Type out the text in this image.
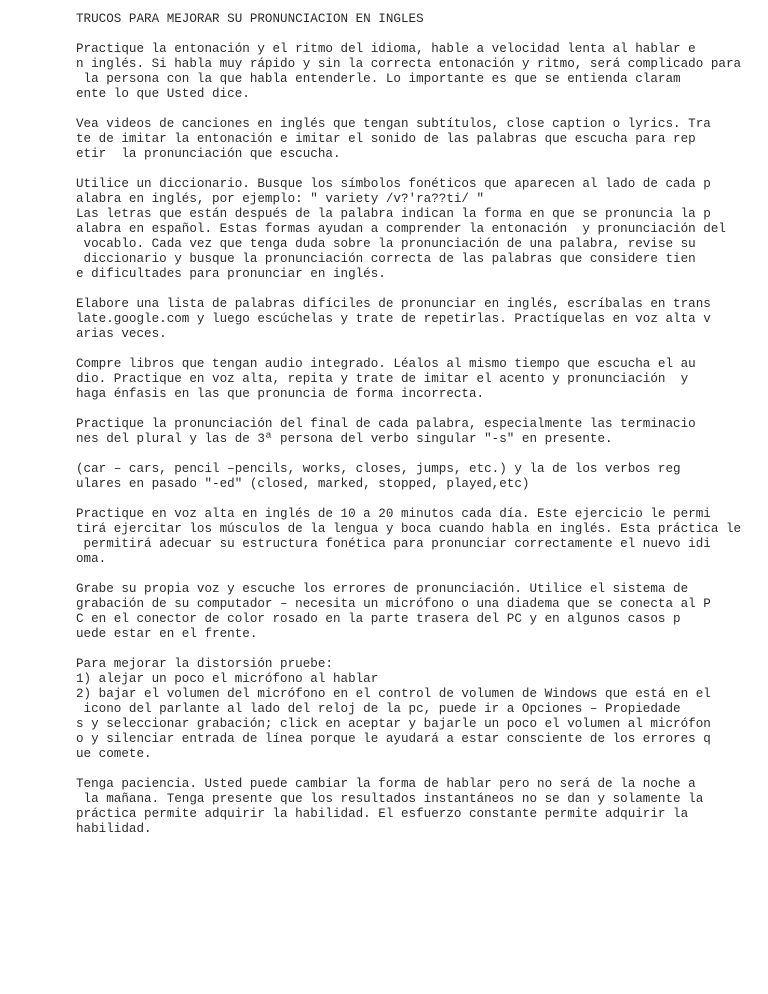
TRUCOS PARA MEJORAR SU PRONUNCIACION EN INGLES
Practique la entonación y el ritmo del idioma, hable a velocidad lenta al hablar e
n inglés. Si habla muy rápido y sin la correcta entonación y ritmo, será complicado para
la persona con la que habla entenderle. Lo importante es que se entienda claram
ente lo que Usted dice.
Vea videos de canciones en inglés que tengan subtítulos, close caption o lyrics. Tra
te de imitar la entonación e imitar el sonido de las palabras que escucha para rep
etir  la pronunciación que escucha.
Utilice un diccionario. Busque los símbolos fonéticos que aparecen al lado de cada p
alabra en inglés, por ejemplo: " variety /v?'ra??ti/ "
Las letras que están después de la palabra indican la forma en que se pronuncia la p
alabra en español. Estas formas ayudan a comprender la entonación  y pronunciación del
vocablo. Cada vez que tenga duda sobre la pronunciación de una palabra, revise su
diccionario y busque la pronunciación correcta de las palabras que considere tien
e dificultades para pronunciar en inglés.
Elabore una lista de palabras difíciles de pronunciar en inglés, escríbalas en trans
late.google.com y luego escúchelas y trate de repetirlas. Practíquelas en voz alta v
arias veces.
Compre libros que tengan audio integrado. Léalos al mismo tiempo que escucha el au
dio. Practique en voz alta, repita y trate de imitar el acento y pronunciación  y
haga énfasis en las que pronuncia de forma incorrecta.
Practique la pronunciación del final de cada palabra, especialmente las terminacio
nes del plural y las de 3ª persona del verbo singular "-s" en presente.
(car – cars, pencil –pencils, works, closes, jumps, etc.) y la de los verbos reg
ulares en pasado "-ed" (closed, marked, stopped, played,etc)
Practique en voz alta en inglés de 10 a 20 minutos cada día. Este ejercicio le permi
tirá ejercitar los músculos de la lengua y boca cuando habla en inglés. Esta práctica le
permitirá adecuar su estructura fonética para pronunciar correctamente el nuevo idi
oma.
Grabe su propia voz y escuche los errores de pronunciación. Utilice el sistema de
grabación de su computador – necesita un micrófono o una diadema que se conecta al P
C en el conector de color rosado en la parte trasera del PC y en algunos casos p
uede estar en el frente.
Para mejorar la distorsión pruebe:
1) alejar un poco el micrófono al hablar
2) bajar el volumen del micrófono en el control de volumen de Windows que está en el
icono del parlante al lado del reloj de la pc, puede ir a Opciones – Propiedade
s y seleccionar grabación; click en aceptar y bajarle un poco el volumen al micrófon
o y silenciar entrada de línea porque le ayudará a estar consciente de los errores q
ue comete.
Tenga paciencia. Usted puede cambiar la forma de hablar pero no será de la noche a
la mañana. Tenga presente que los resultados instantáneos no se dan y solamente la
práctica permite adquirir la habilidad. El esfuerzo constante permite adquirir la
habilidad.
